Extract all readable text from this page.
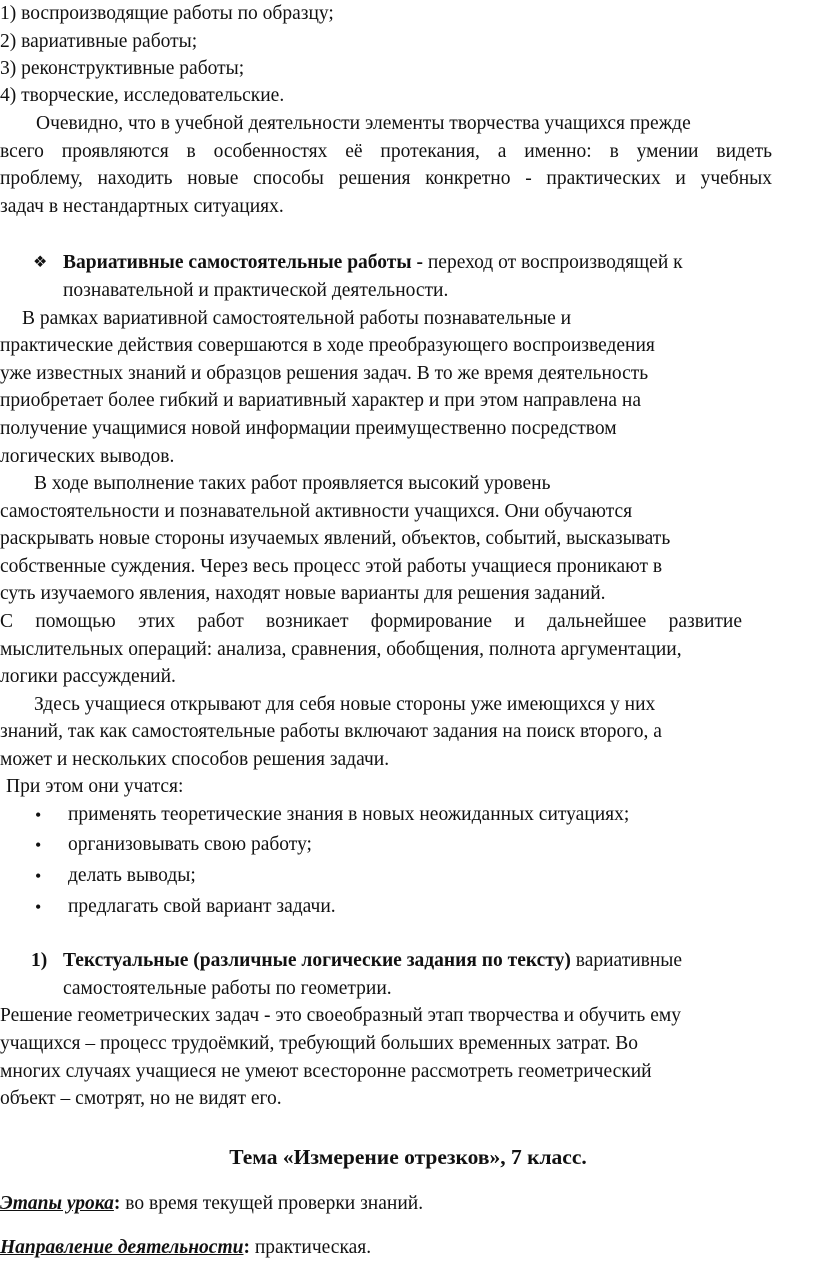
1) воспроизводящие работы по образцу;
2) вариативные работы;
3) реконструктивные работы;
4) творческие, исследовательские.
Очевидно, что в учебной деятельности элементы творчества учащихся прежде
всего проявляются в особенностях её протекания, а именно: в умении видеть
проблему, находить новые способы решения конкретно - практических и учебных
задач в нестандартных ситуациях.
❖ Вариативные самостоятельные работы - переход от воспроизводящей к
познавательной и практической деятельности.
В рамках вариативной самостоятельной работы познавательные и
практические действия совершаются в ходе преобразующего воспроизведения
уже известных знаний и образцов решения задач. В то же время деятельность
приобретает более гибкий и вариативный характер и при этом направлена на
получение учащимися новой информации преимущественно посредством
логических выводов.
В ходе выполнение таких работ проявляется высокий уровень
самостоятельности и познавательной активности учащихся. Они обучаются
раскрывать новые стороны изучаемых явлений, объектов, событий, высказывать
собственные суждения. Через весь процесс этой работы учащиеся проникают в
суть изучаемого явления, находят новые варианты для решения заданий.
С помощью этих работ возникает формирование и дальнейшее развитие
мыслительных операций: анализа, сравнения, обобщения, полнота аргументации,
логики рассуждений.
Здесь учащиеся открывают для себя новые стороны уже имеющихся у них
знаний, так как самостоятельные работы включают задания на поиск второго, а
может и нескольких способов решения задачи.
При этом они учатся:
• применять теоретические знания в новых неожиданных ситуациях;
• организовывать свою работу;
• делать выводы;
• предлагать свой вариант задачи.
1) Текстуальные (различные логические задания по тексту) вариативные
самостоятельные работы по геометрии.
Решение геометрических задач - это своеобразный этап творчества и обучить ему
учащихся – процесс трудоёмкий, требующий больших временных затрат. Во
многих случаях учащиеся не умеют всесторонне рассмотреть геометрический
объект – смотрят, но не видят его.
Тема «Измерение отрезков», 7 класс.
Этапы урока: во время текущей проверки знаний.
Направление деятельности: практическая.
